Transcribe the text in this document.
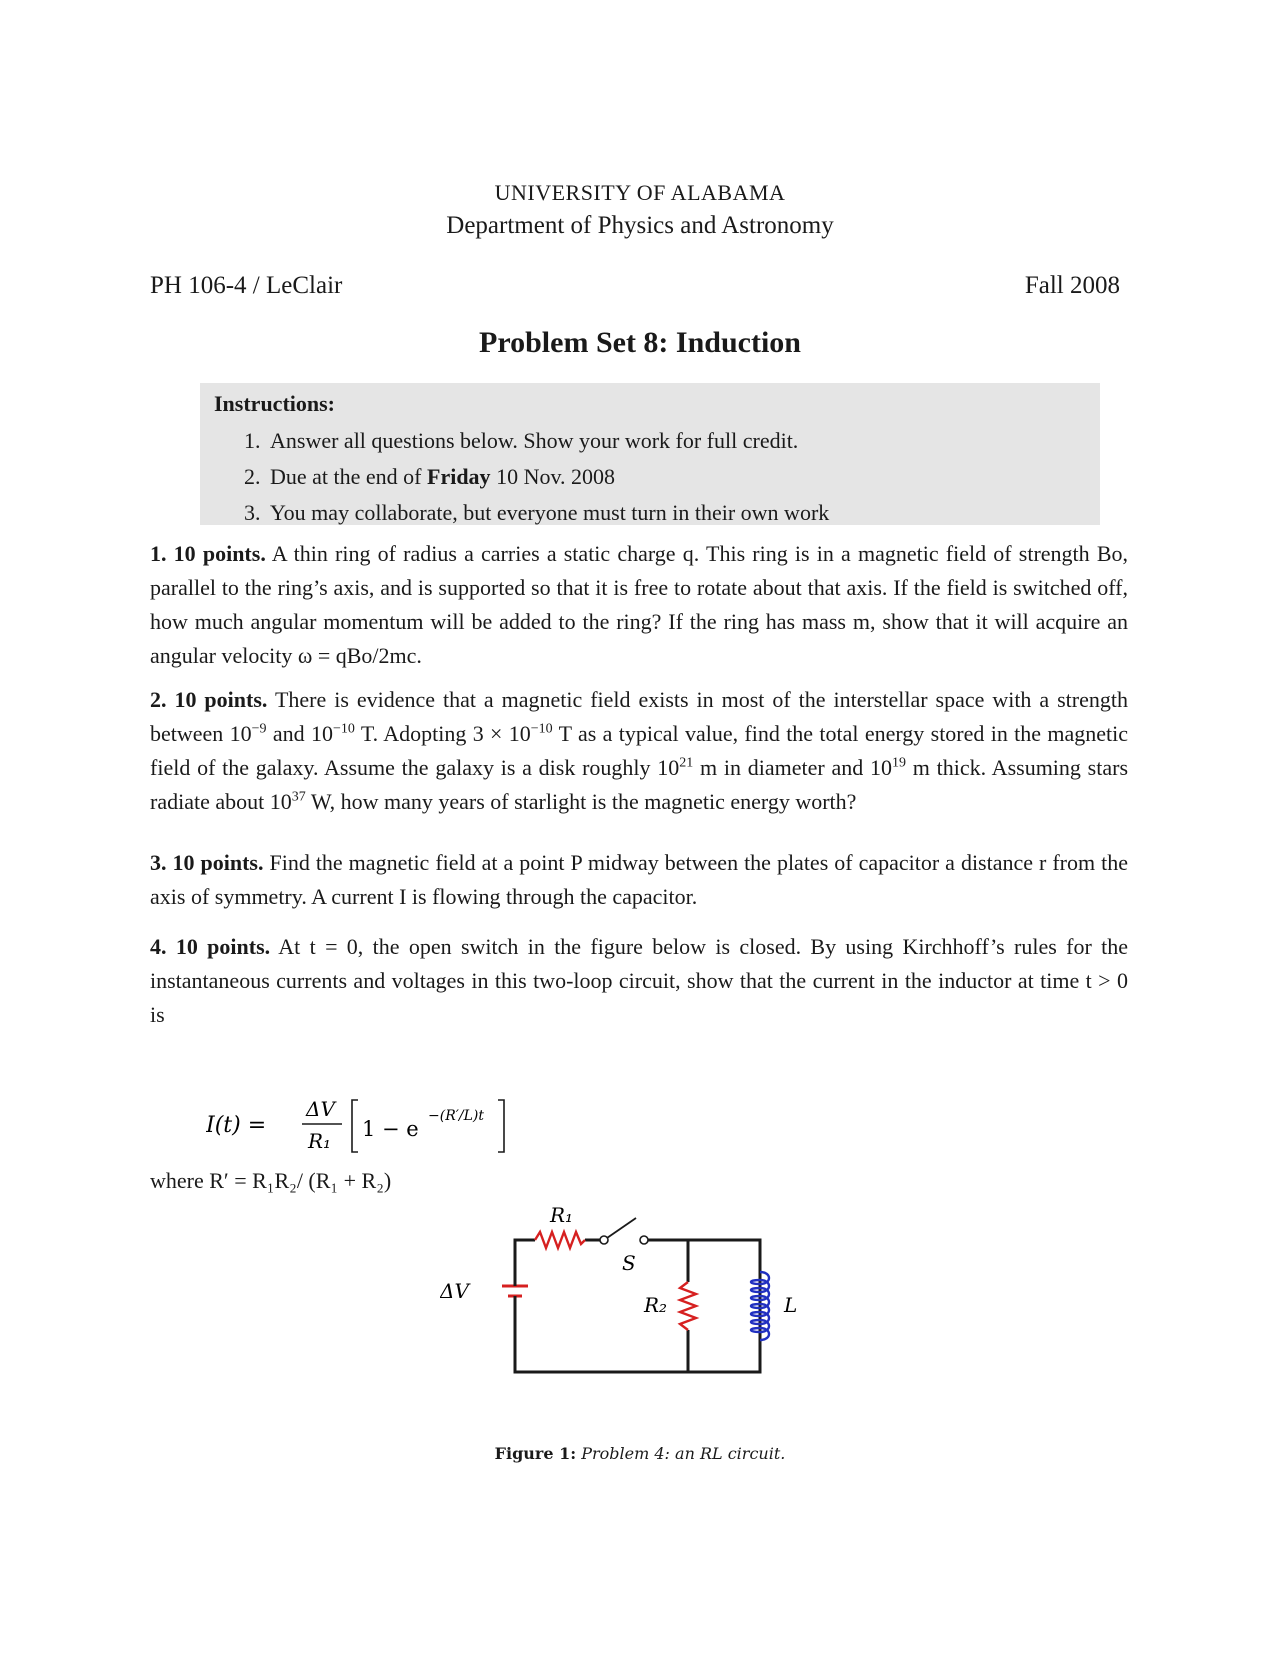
UNIVERSITY OF ALABAMA
Department of Physics and Astronomy
PH 106-4 / LeClair	Fall 2008
Problem Set 8: Induction
Instructions:
1. Answer all questions below. Show your work for full credit.
2. Due at the end of Friday 10 Nov. 2008
3. You may collaborate, but everyone must turn in their own work
1. 10 points. A thin ring of radius a carries a static charge q. This ring is in a magnetic field of strength Bo, parallel to the ring’s axis, and is supported so that it is free to rotate about that axis. If the field is switched off, how much angular momentum will be added to the ring? If the ring has mass m, show that it will acquire an angular velocity ω = qBo/2mc.
2. 10 points. There is evidence that a magnetic field exists in most of the interstellar space with a strength between $10^{-9}$ and $10^{-10}$ T. Adopting $3 \times 10^{-10}$ T as a typical value, find the total energy stored in the magnetic field of the galaxy. Assume the galaxy is a disk roughly $10^{21}$ m in diameter and $10^{19}$ m thick. Assuming stars radiate about $10^{37}$ W, how many years of starlight is the magnetic energy worth?
3. 10 points. Find the magnetic field at a point P midway between the plates of capacitor a distance r from the axis of symmetry. A current I is flowing through the capacitor.
4. 10 points. At t = 0, the open switch in the figure below is closed. By using Kirchhoff’s rules for the instantaneous currents and voltages in this two-loop circuit, show that the current in the inductor at time t > 0 is
I(t) =
ΔV
R₁ 1 − e
−(R′/L)t
where R′ = R₁R₂/ (R₁ + R₂)
ΔV
R₁
S
R₂	L
Figure 1: Problem 4: an RL circuit.
